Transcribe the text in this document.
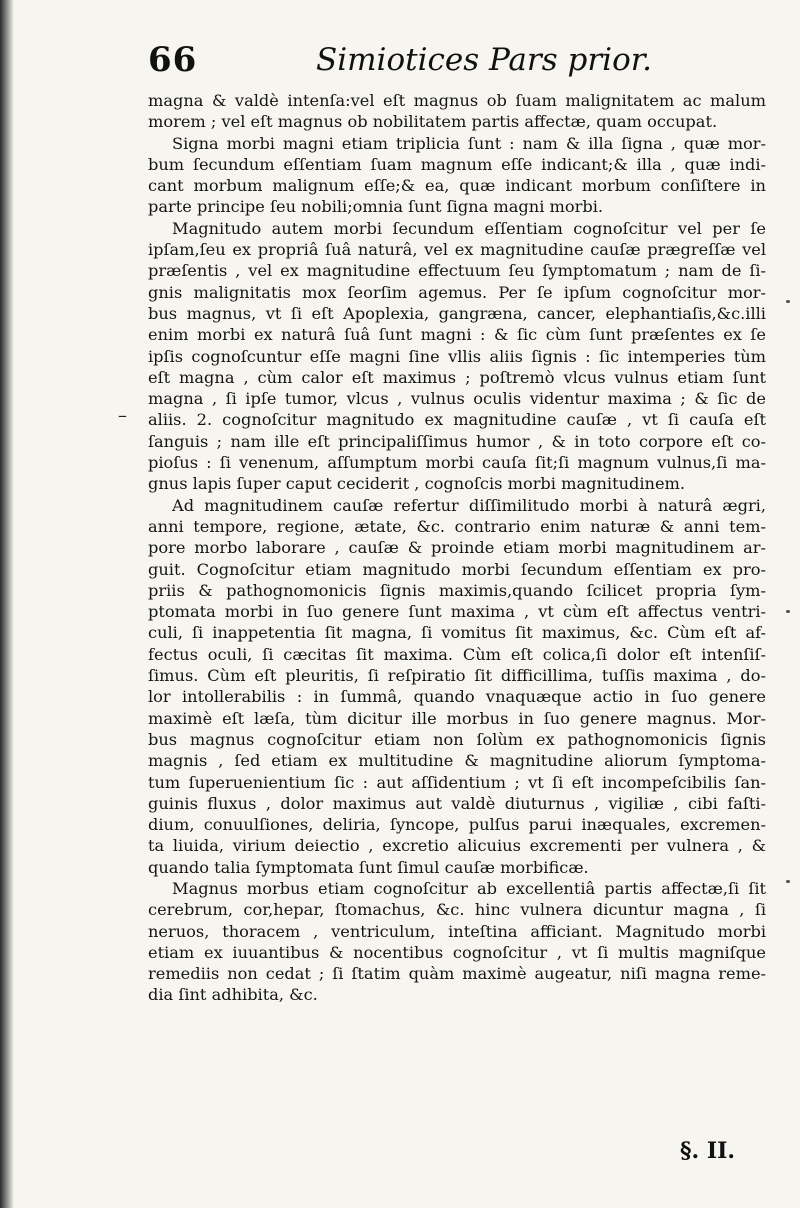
66	Simiotices Pars prior.
–
magna & valdè intenſa:vel eſt magnus ob ſuam malignitatem ac malum
morem ; vel eſt magnus ob nobilitatem partis affectæ, quam occupat.
Signa morbi magni etiam triplicia ſunt : nam & illa ſigna , quæ mor-
bum ſecundum eſſentiam ſuam magnum eſſe indicant;& illa , quæ indi-
cant morbum malignum eſſe;& ea, quæ indicant morbum conſiſtere in
parte principe ſeu nobili;omnia ſunt ſigna magni morbi.
Magnitudo autem morbi ſecundum eſſentiam cognoſcitur vel per ſe
ipſam,ſeu ex propriâ ſuâ naturâ, vel ex magnitudine cauſæ prægreſſæ vel
præſentis , vel ex magnitudine effectuum ſeu ſymptomatum ; nam de ſi-
gnis malignitatis mox ſeorſim agemus. Per ſe ipſum cognoſcitur mor-
bus magnus, vt ſi eſt Apoplexia, gangræna, cancer, elephantiaſis,&c.illi
enim morbi ex naturâ ſuâ ſunt magni : & ſic cùm ſunt præſentes ex ſe
ipſis cognoſcuntur eſſe magni ſine vllis aliis ſignis : ſic intemperies tùm
eſt magna , cùm calor eſt maximus ; poſtremò vlcus vulnus etiam ſunt
magna , ſi ipſe tumor, vlcus , vulnus oculis videntur maxima ; & ſic de
aliis. 2. cognoſcitur magnitudo ex magnitudine cauſæ , vt ſi cauſa eſt
ſanguis ; nam ille eſt principaliſſimus humor , & in toto corpore eſt co-
pioſus : ſi venenum, aſſumptum morbi cauſa ſit;ſi magnum vulnus,ſi ma-
gnus lapis ſuper caput ceciderit , cognoſcis morbi magnitudinem.
Ad magnitudinem cauſæ refertur diſſimilitudo morbi à naturâ ægri,
anni tempore, regione, ætate, &c. contrario enim naturæ & anni tem-
pore morbo laborare , cauſæ & proinde etiam morbi magnitudinem ar-
guit. Cognoſcitur etiam magnitudo morbi ſecundum eſſentiam ex pro-
priis & pathognomonicis ſignis maximis,quando ſcilicet propria ſym-
ptomata morbi in ſuo genere ſunt maxima , vt cùm eſt affectus ventri-
culi, ſi inappetentia ſit magna, ſi vomitus ſit maximus, &c. Cùm eſt af-
fectus oculi, ſi cæcitas ſit maxima. Cùm eſt colica,ſi dolor eſt intenſiſ-
ſimus. Cùm eſt pleuritis, ſi reſpiratio ſit difficillima, tuſſis maxima , do-
lor intollerabilis : in ſummâ, quando vnaquæque actio in ſuo genere
maximè eſt læſa, tùm dicitur ille morbus in ſuo genere magnus. Mor-
bus magnus cognoſcitur etiam non ſolùm ex pathognomonicis ſignis
magnis , ſed etiam ex multitudine & magnitudine aliorum ſymptoma-
tum ſuperuenientium ſic : aut aſſidentium ; vt ſi eſt incompeſcibilis ſan-
guinis fluxus , dolor maximus aut valdè diuturnus , vigiliæ , cibi faſti-
dium, conuulſiones, deliria, ſyncope, pulſus parui inæquales, excremen-
ta liuida, virium deiectio , excretio alicuius excrementi per vulnera , &
quando talia ſymptomata ſunt ſimul cauſæ morbificæ.
Magnus morbus etiam cognoſcitur ab excellentiâ partis affectæ,ſi ſit
cerebrum, cor,hepar, ſtomachus, &c. hinc vulnera dicuntur magna , ſi
neruos, thoracem , ventriculum, inteſtina afficiant. Magnitudo morbi
etiam ex iuuantibus & nocentibus cognoſcitur , vt ſi multis magniſque
remediis non cedat ; ſi ſtatim quàm maximè augeatur, niſi magna reme-
dia ſint adhibita, &c.
§. II.
